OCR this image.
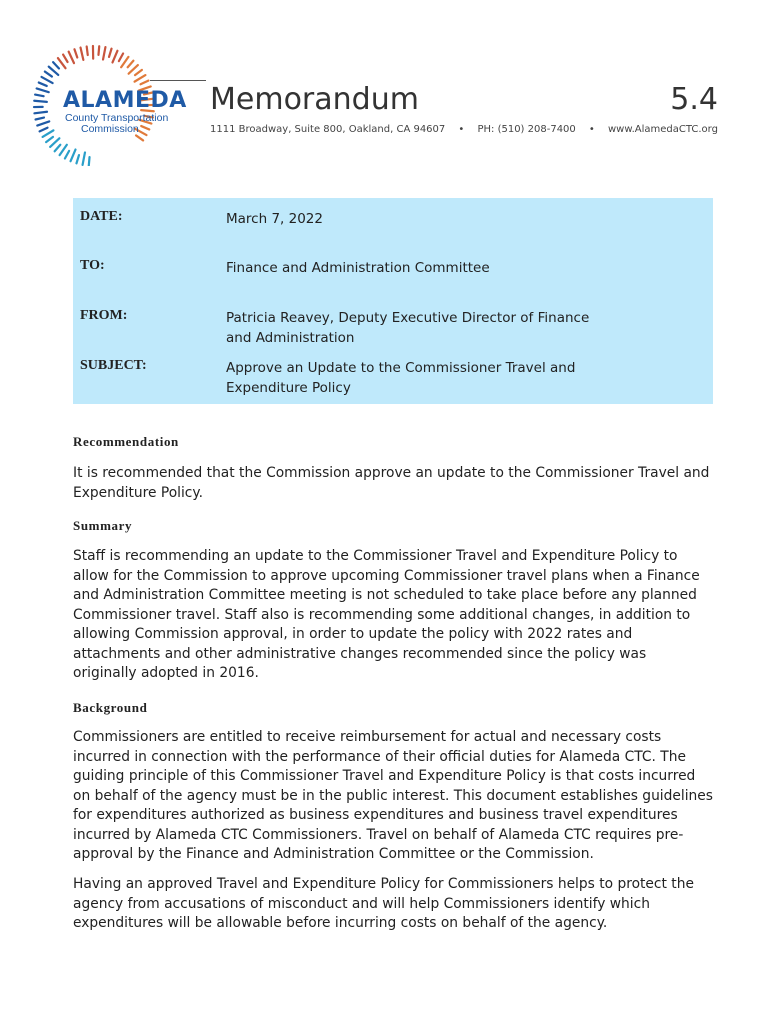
ALAMEDA
County Transportation
Commission
Memorandum	5.4
1111 Broadway, Suite 800, Oakland, CA 94607 • PH: (510) 208-7400 • www.AlamedaCTC.org

DATE:	March 7, 2022

TO:	Finance and Administration Committee

FROM:	Patricia Reavey, Deputy Executive Director of Finance and Administration

SUBJECT:	Approve an Update to the Commissioner Travel and Expenditure Policy

Recommendation

It is recommended that the Commission approve an update to the Commissioner Travel and Expenditure Policy.

Summary

Staff is recommending an update to the Commissioner Travel and Expenditure Policy to allow for the Commission to approve upcoming Commissioner travel plans when a Finance and Administration Committee meeting is not scheduled to take place before any planned Commissioner travel. Staff also is recommending some additional changes, in addition to allowing Commission approval, in order to update the policy with 2022 rates and attachments and other administrative changes recommended since the policy was originally adopted in 2016.

Background

Commissioners are entitled to receive reimbursement for actual and necessary costs incurred in connection with the performance of their official duties for Alameda CTC. The guiding principle of this Commissioner Travel and Expenditure Policy is that costs incurred on behalf of the agency must be in the public interest. This document establishes guidelines for expenditures authorized as business expenditures and business travel expenditures incurred by Alameda CTC Commissioners. Travel on behalf of Alameda CTC requires pre-approval by the Finance and Administration Committee or the Commission.

Having an approved Travel and Expenditure Policy for Commissioners helps to protect the agency from accusations of misconduct and will help Commissioners identify which expenditures will be allowable before incurring costs on behalf of the agency.
